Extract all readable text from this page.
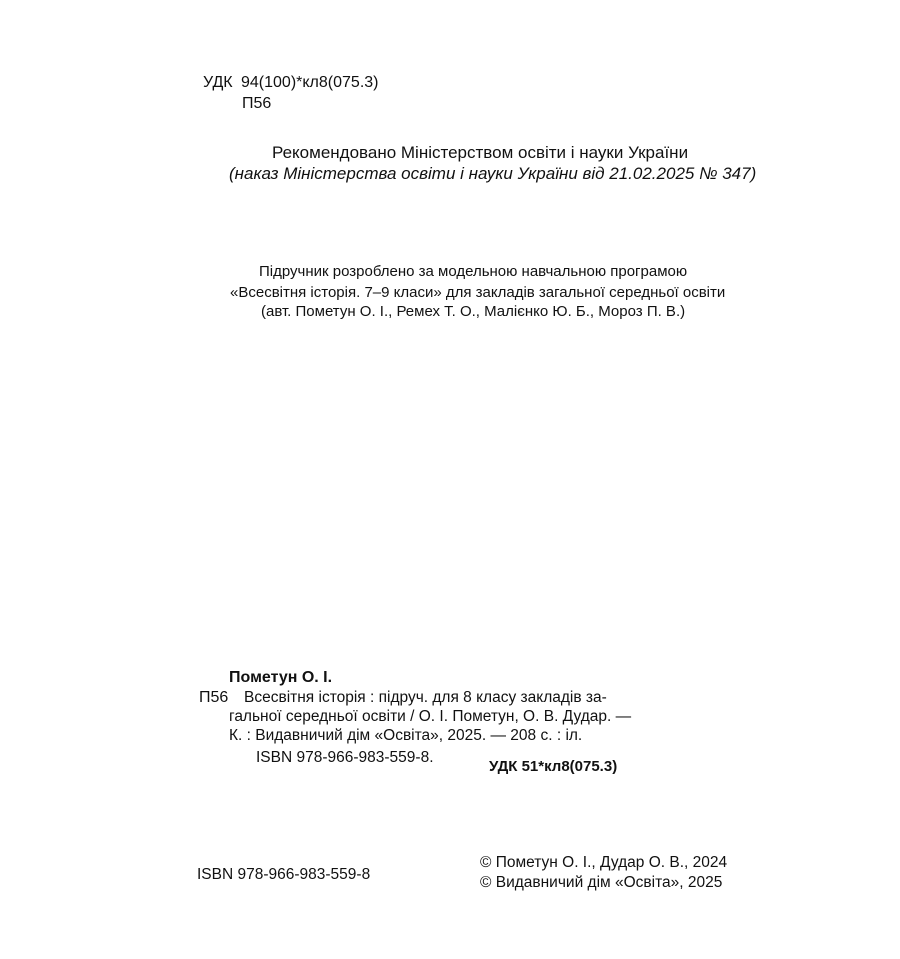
УДК 94(100)*кл8(075.3)
П56
Рекомендовано Міністерством освіти і науки України
(наказ Міністерства освіти і науки України від 21.02.2025 № 347)
Підручник розроблено за модельною навчальною програмою
«Всесвітня історія. 7–9 класи» для закладів загальної середньої освіти
(авт. Пометун О. І., Ремех Т. О., Малієнко Ю. Б., Мороз П. В.)
Пометун О. І.
П56 Всесвітня історія : підруч. для 8 класу закладів за-
гальної середньої освіти / О. І. Пометун, О. В. Дудар. —
К. : Видавничий дім «Освіта», 2025. — 208 с. : іл.
ISBN 978-966-983-559-8.
УДК 51*кл8(075.3)
ISBN 978-966-983-559-8
© Пометун О. І., Дудар О. В., 2024
© Видавничий дім «Освіта», 2025
